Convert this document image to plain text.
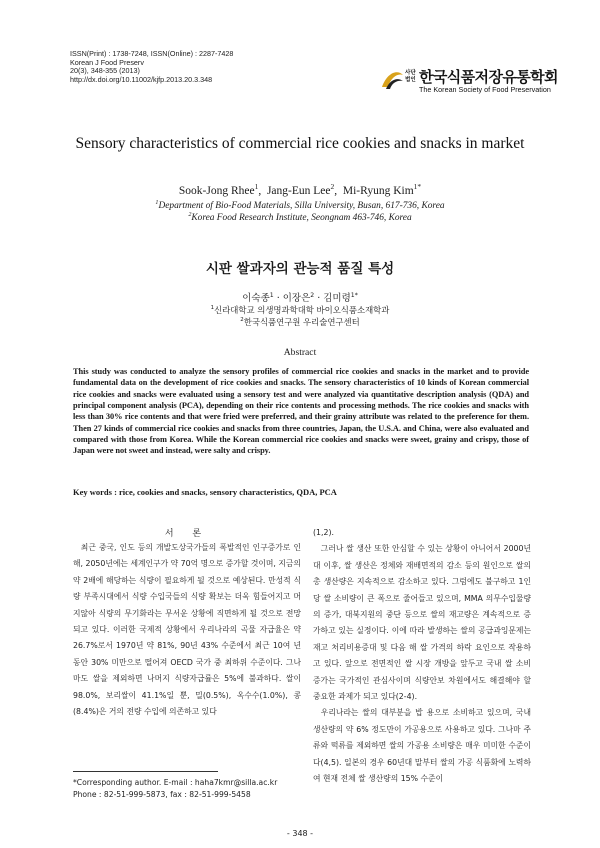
ISSN(Print) : 1738-7248, ISSN(Online) : 2287-7428
Korean J Food Preserv
20(3), 348-355 (2013)
http://dx.doi.org/10.11002/kjfp.2013.20.3.348
사단법인 한국식품저장유통학회
The Korean Society of Food Preservation
Sensory characteristics of commercial rice cookies and snacks in market
Sook-Jong Rhee$^1$,  Jang-Eun Lee$^2$,  Mi-Ryung Kim$^{1*}$
$^1$Department of Bio-Food Materials, Silla University, Busan, 617-736, Korea
$^2$Korea Food Research Institute, Seongnam 463-746, Korea
시판 쌀과자의 관능적 품질 특성
이숙종$^1$ · 이장은$^2$ · 김미령$^{1*}$
$^1$신라대학교 의생명과학대학 바이오식품소재학과
$^2$한국식품연구원 우리술연구센터
Abstract
This study was conducted to analyze the sensory profiles of commercial rice cookies and snacks in the market and to provide fundamental data on the development of rice cookies and snacks. The sensory characteristics of 10 kinds of Korean commercial rice cookies and snacks were evaluated using a sensory test and were analyzed via quantitative description analysis (QDA) and principal component analysis (PCA), depending on their rice contents and processing methods. The rice cookies and snacks with less than 30% rice contents and that were fried were preferred, and their grainy attribute was related to the preference for them. Then 27 kinds of commercial rice cookies and snacks from three countries, Japan, the U.S.A. and China, were also evaluated and compared with those from Korea. While the Korean commercial rice cookies and snacks were sweet, grainy and crispy, those of Japan were not sweet and instead, were salty and crispy.
Key words : rice, cookies and snacks, sensory characteristics, QDA, PCA
서 론

최근 중국, 인도 등의 개발도상국가들의 폭발적인 인구증가로 인해, 2050년에는 세계인구가 약 70억 명으로 증가할 것이며, 지금의 약 2배에 해당하는 식량이 필요하게 될 것으로 예상된다. 만성적 식량 부족시대에서 식량 수입국들의 식량 확보는 더욱 힘들어지고 머지않아 식량의 무기화라는 무서운 상황에 직면하게 될 것으로 전망되고 있다. 이러한 국제적 상황에서 우리나라의 곡물 자급율은 약 26.7%로서 1970년 약 81%, 90년 43% 수준에서 최근 10여 년 동안 30% 미만으로 떨어져 OECD 국가 중 최하위 수준이다. 그나마도 쌀을 제외하면 나머지 식량자급률은 5%에 불과하다. 쌀이 98.0%, 보리쌀이 41.1%일 뿐, 밀(0.5%), 옥수수(1.0%), 콩(8.4%)은 거의 전량 수입에 의존하고 있다

(1,2).

그러나 쌀 생산 또한 안심할 수 있는 상황이 아니어서 2000년대 이후, 쌀 생산은 정체와 재배면적의 감소 등의 원인으로 쌀의 총 생산량은 지속적으로 감소하고 있다. 그럼에도 불구하고 1인당 쌀 소비량이 큰 폭으로 줄어들고 있으며, MMA 의무수입물량의 증가, 대북지원의 중단 등으로 쌀의 재고량은 계속적으로 증가하고 있는 실정이다. 이에 따라 발생하는 쌀의 공급과잉문제는 재고 처리비용증대 및 다음 해 쌀 가격의 하락 요인으로 작용하고 있다. 앞으로 전면적인 쌀 시장 개방을 앞두고 국내 쌀 소비 증가는 국가적인 관심사이며 식량안보 차원에서도 해결해야 할 중요한 과제가 되고 있다(2-4).

우리나라는 쌀의 대부분을 밥 용으로 소비하고 있으며, 국내 생산량의 약 6% 정도만이 가공용으로 사용하고 있다. 그나마 주류와 떡류를 제외하면 쌀의 가공용 소비량은 매우 미미한 수준이다(4,5). 일본의 경우 60년대 말부터 쌀의 가공 식품화에 노력하여 현재 전체 쌀 생산량의 15% 수준이

*Corresponding author. E-mail : haha7kmr@silla.ac.kr
Phone : 82-51-999-5873, fax : 82-51-999-5458
- 348 -
